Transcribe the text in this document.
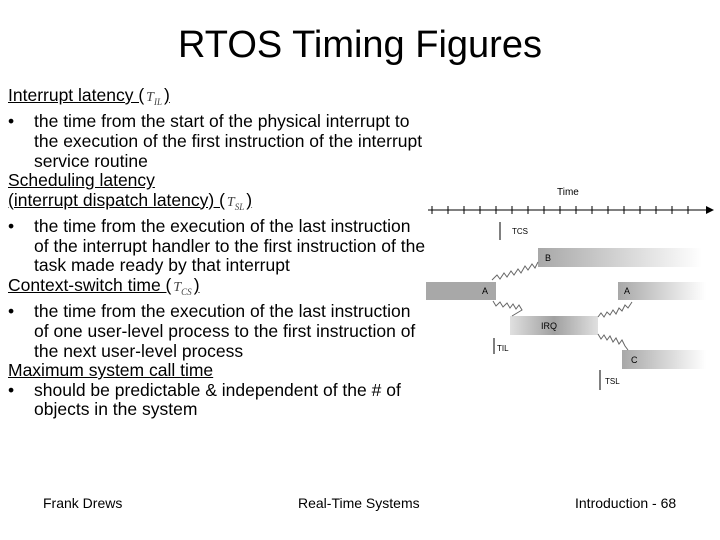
RTOS Timing Figures
Interrupt latency ( $T_{IL}$ )
• the time from the start of the physical interrupt to the execution of the first instruction of the interrupt service routine
Scheduling latency
(interrupt dispatch latency) ( $T_{SL}$ )
• the time from the execution of the last instruction of the interrupt handler to the first instruction of the task made ready by that interrupt
Context-switch time ( $T_{CS}$ )
• the time from the execution of the last instruction of one user-level process to the first instruction of the next user-level process
Maximum system call time
• should be predictable & independent of the # of objects in the system
Time
TCS
B
A	A
IRQ
C
TIL
TSL
Frank Drews	Real-Time Systems	Introduction - 68
